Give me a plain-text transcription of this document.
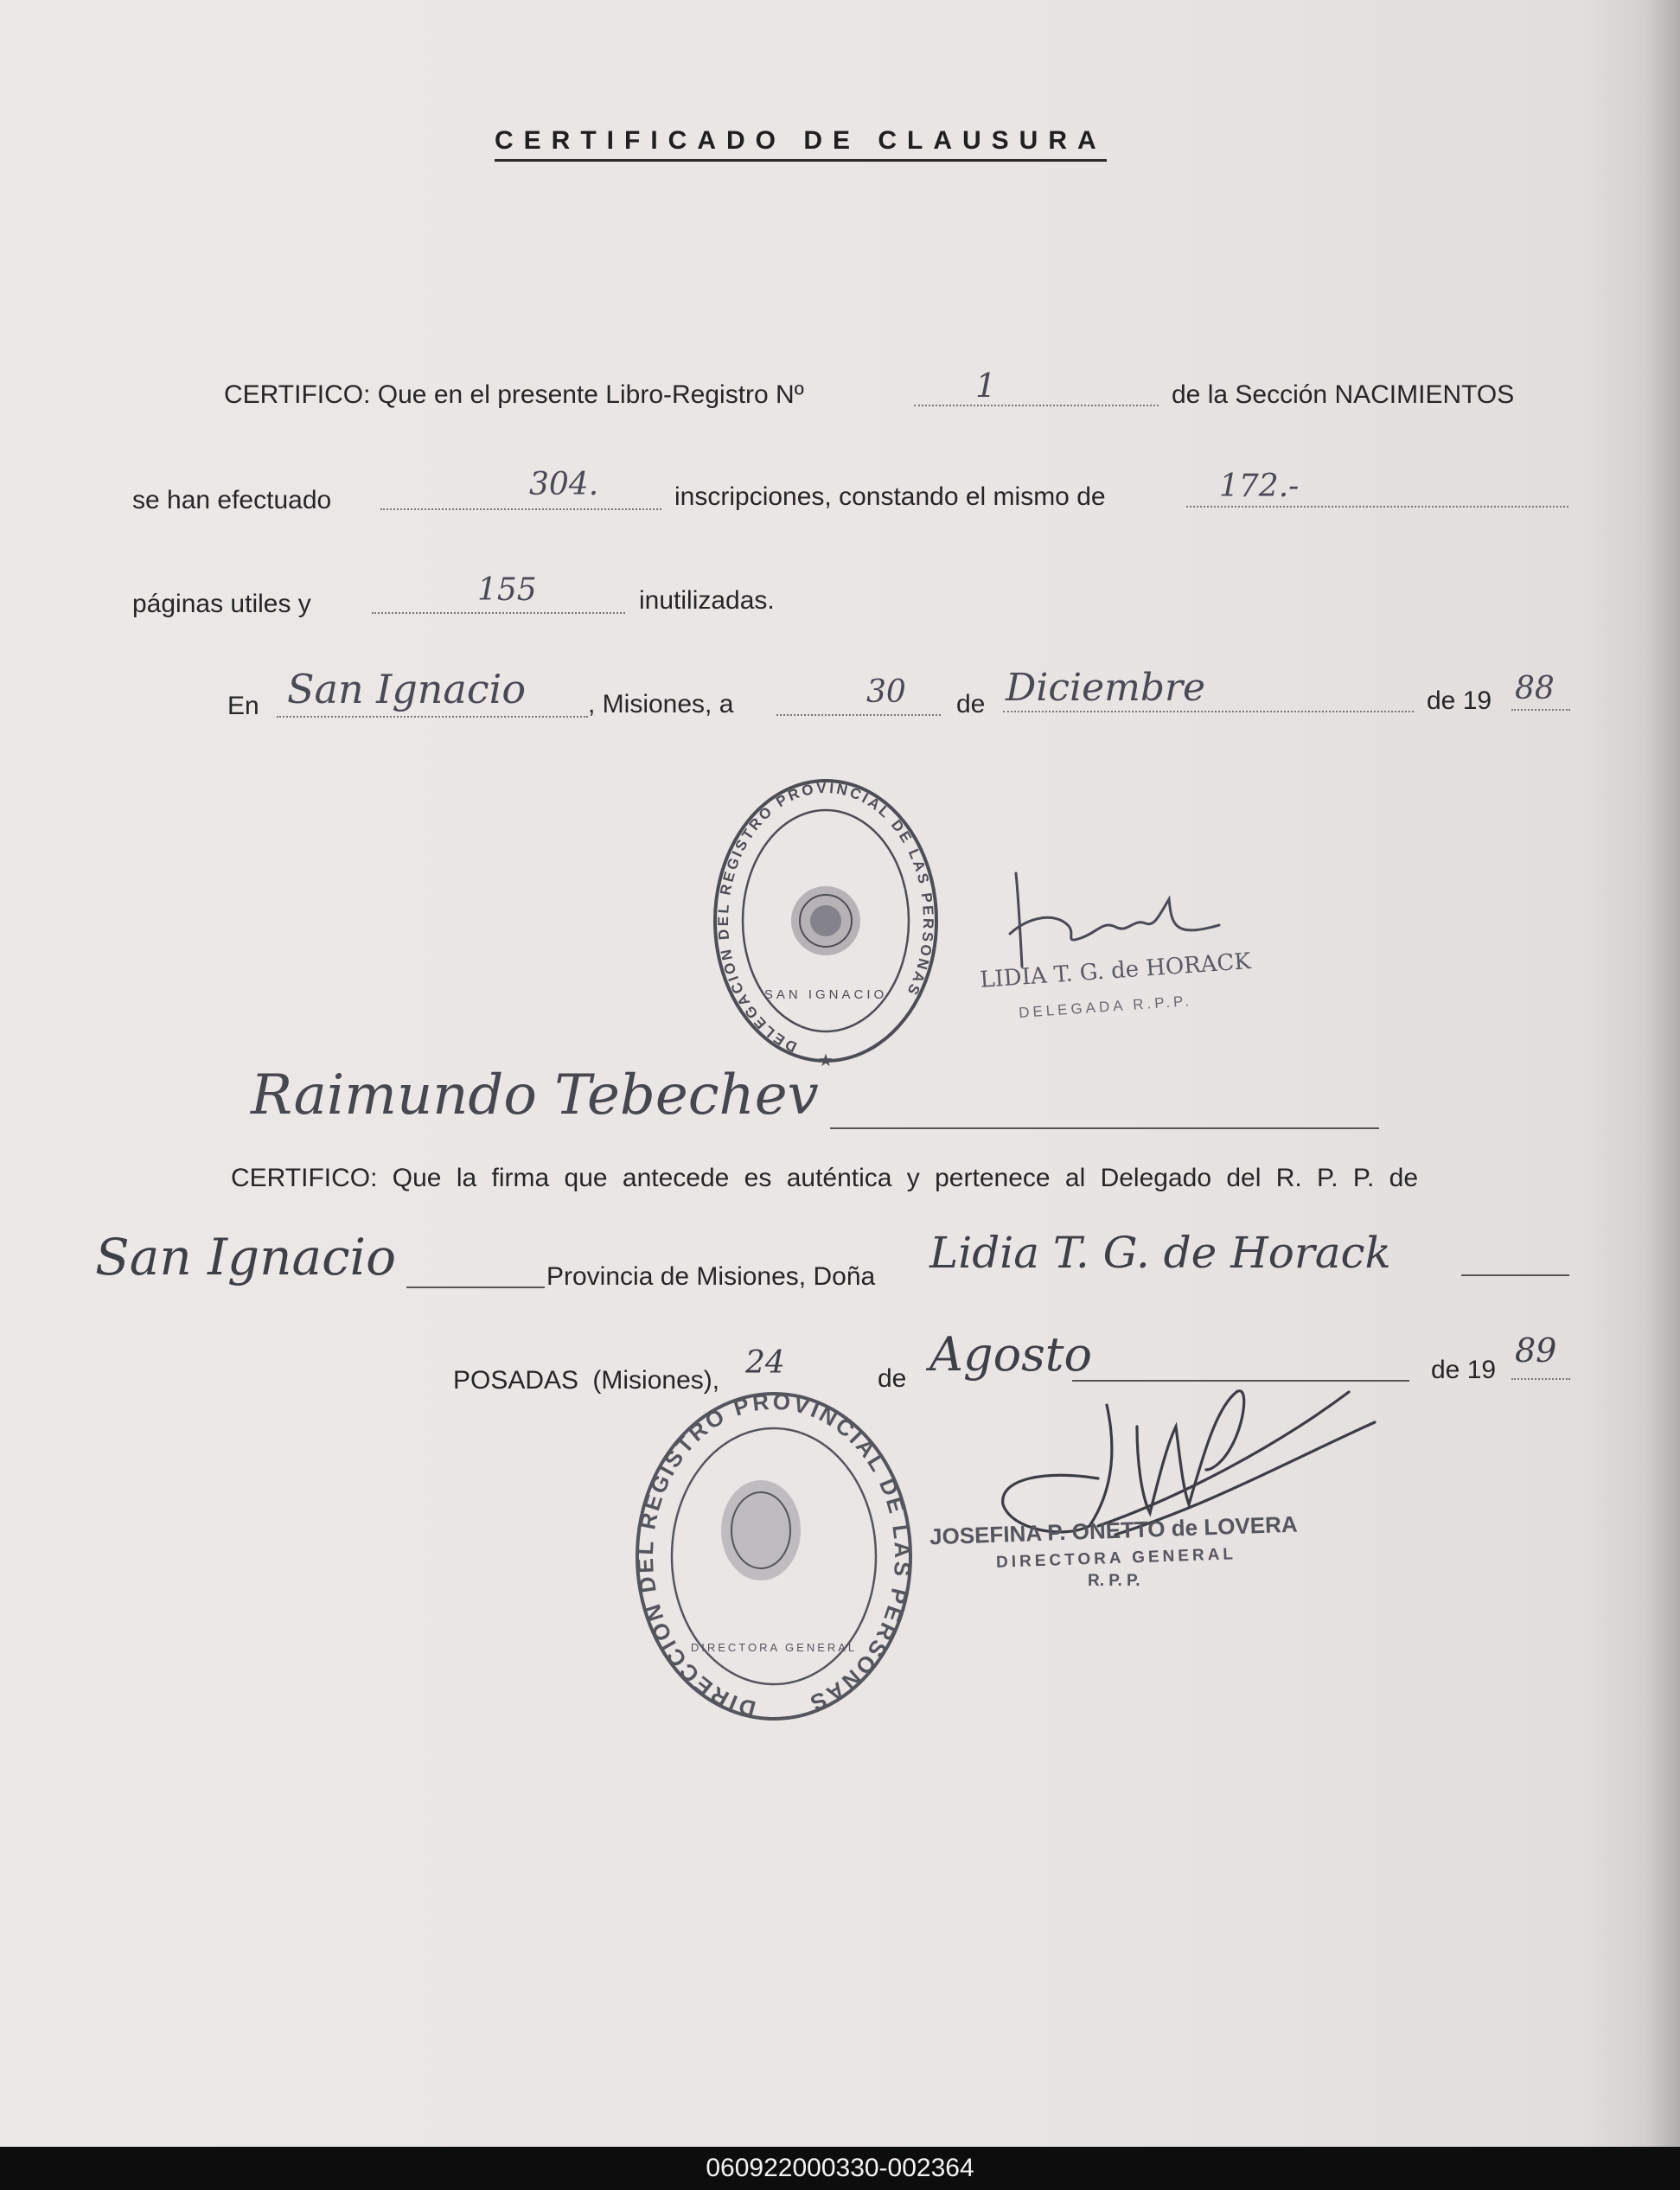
CERTIFICADO DE CLAUSURA
CERTIFICO: Que en el presente Libro-Registro Nº	1	de la Sección NACIMIENTOS
se han efectuado	304.	inscripciones, constando el mismo de	172.-
páginas utiles y	155	inutilizadas.
En San Ignacio , Misiones, a	30 de Diciembre	de 19 88
DELEGACION DEL REGISTRO PROVINCIAL DE LAS PERSONAS
SAN IGNACIO
★
LIDIA T. G. de HORACK
DELEGADA R.P.P.
Raimundo Tebechev
CERTIFICO: Que la firma que antecede es auténtica y pertenece al Delegado del R. P. P. de
San Ignacio	Provincia de Misiones, Doña Lidia T. G. de Horack
POSADAS (Misiones), 24	de Agosto	de 19
89
DIRECCION DEL REGISTRO PROVINCIAL DE LAS PERSONAS
DIRECTORA GENERAL
JOSEFINA P. ONETTO de LOVERA
DIRECTORA GENERAL
R. P. P.
060922000330-002364
